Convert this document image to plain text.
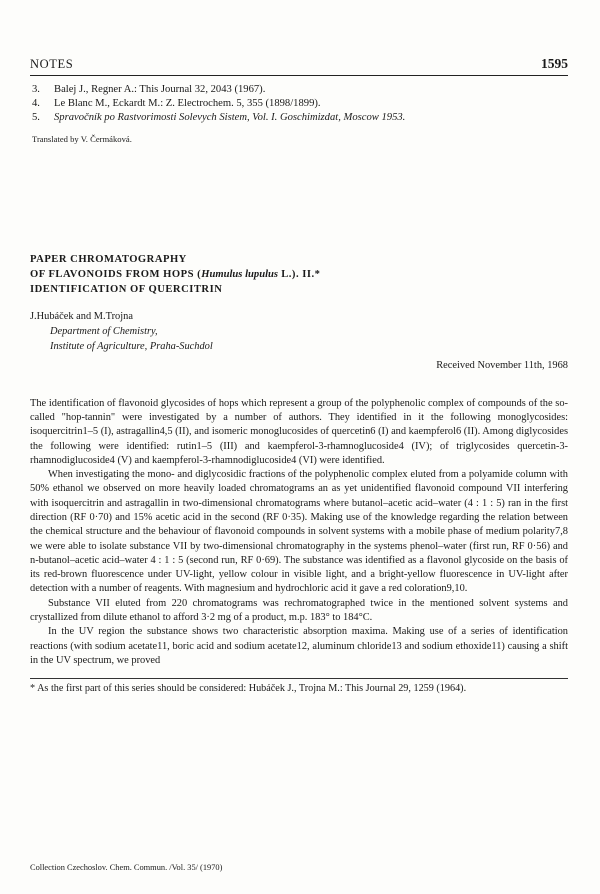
NOTES	1595
3.	Balej J., Regner A.: This Journal 32, 2043 (1967).
4.	Le Blanc M., Eckardt M.: Z. Electrochem. 5, 355 (1898/1899).
5.	Spravočník po Rastvorimosti Solevych Sistem, Vol. I. Goschimizdat, Moscow 1953.
Translated by V. Čermáková.
PAPER CHROMATOGRAPHY
OF FLAVONOIDS FROM HOPS (Humulus lupulus L.). II.*
IDENTIFICATION OF QUERCITRIN
J.Hubáček and M.Trojna
Department of Chemistry,
Institute of Agriculture, Praha-Suchdol
Received November 11th, 1968

The identification of flavonoid glycosides of hops which represent a group of the polyphenolic complex of compounds of the so-called "hop-tannin" were investigated by a number of authors. They identified in it the following monoglycosides: isoquercitrin1–5 (I), astragallin4,5 (II), and isomeric monoglucosides of quercetin6 (I) and kaempferol6 (II). Among diglycosides the following were identified: rutin1–5 (III) and kaempferol-3-rhamnoglucoside4 (IV); of triglycosides quercetin-3-rhamnodiglucoside4 (V) and kaempferol-3-rhamnodiglucoside4 (VI) were identified.

When investigating the mono- and diglycosidic fractions of the polyphenolic complex eluted from a polyamide column with 50% ethanol we observed on more heavily loaded chromatograms an as yet unidentified flavonoid compound VII interfering with isoquercitrin and astragallin in two-dimensional chromatograms where butanol–acetic acid–water (4 : 1 : 5) ran in the first direction (RF 0·70) and 15% acetic acid in the second (RF 0·35). Making use of the knowledge regarding the relation between the chemical structure and the behaviour of flavonoid compounds in solvent systems with a mobile phase of medium polarity7,8 we were able to isolate substance VII by two-dimensional chromatography in the systems phenol–water (first run, RF 0·56) and n-butanol–acetic acid–water 4 : 1 : 5 (second run, RF 0·69). The substance was identified as a flavonol glycoside on the basis of its red-brown fluorescence under UV-light, yellow colour in visible light, and a bright-yellow fluorescence in UV-light after detection with a number of reagents. With magnesium and hydrochloric acid it gave a red coloration9,10.

Substance VII eluted from 220 chromatograms was rechromatographed twice in the mentioned solvent systems and crystallized from dilute ethanol to afford 3·2 mg of a product, m.p. 183° to 184°C.

In the UV region the substance shows two characteristic absorption maxima. Making use of a series of identification reactions (with sodium acetate11, boric acid and sodium acetate12, aluminum chloride13 and sodium ethoxide11) causing a shift in the UV spectrum, we proved

* As the first part of this series should be considered: Hubáček J., Trojna M.: This Journal 29, 1259 (1964).
Collection Czechoslov. Chem. Commun. /Vol. 35/ (1970)
